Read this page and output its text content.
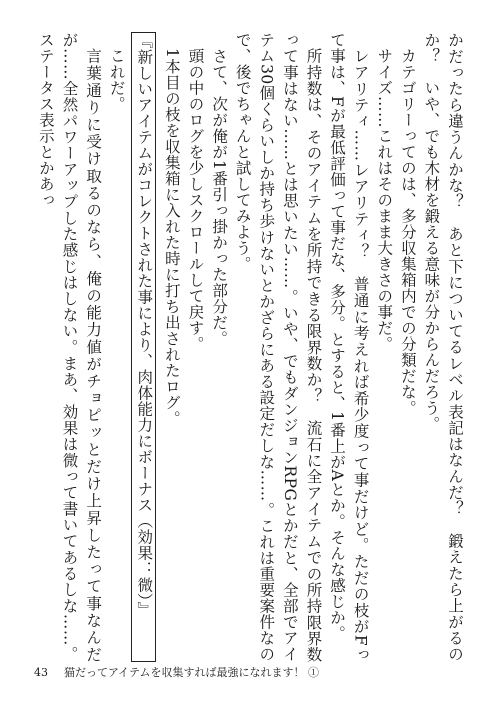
かだったら違うんかな？　あと下についてるレベル表記はなんだ？　鍛えたら上がるのか？　いや、でも木材を鍛える意味が分からんだろう。

カテゴリーってのは、多分収集箱内での分類だな。

サイズ……これはそのまま大きさの事だ。

レアリティ……レアリティ？　普通に考えれば希少度って事だけど。ただの枝がFって事は、Fが最低評価って事だな、多分。とすると、1番上がAとか。そんな感じか。

所持数は、そのアイテムを所持できる限界数か？　流石に全アイテムでの所持限界数って事はない……とは思いたい……。いや、でもダンジョンRPGとかだと、全部でアイテム30個くらいしか持ち歩けないとかざらにある設定だしな……。これは重要案件なので、後でちゃんと試してみよう。

さて、次が俺が1番引っ掛かった部分だ。

頭の中のログを少しスクロールして戻す。

1本目の枝を収集箱に入れた時に打ち出されたログ。

『新しいアイテムがコレクトされた事により、肉体能力にボーナス（効果：微）』

これだ。

言葉通りに受け取るのなら、俺の能力値がチョピッとだけ上昇したって事なんだが……全然パワーアップした感じはしない。まあ、効果は微って書いてあるしな……。ステータス表示とかあっ

43 猫だってアイテムを収集すれば最強になれます！ ①
